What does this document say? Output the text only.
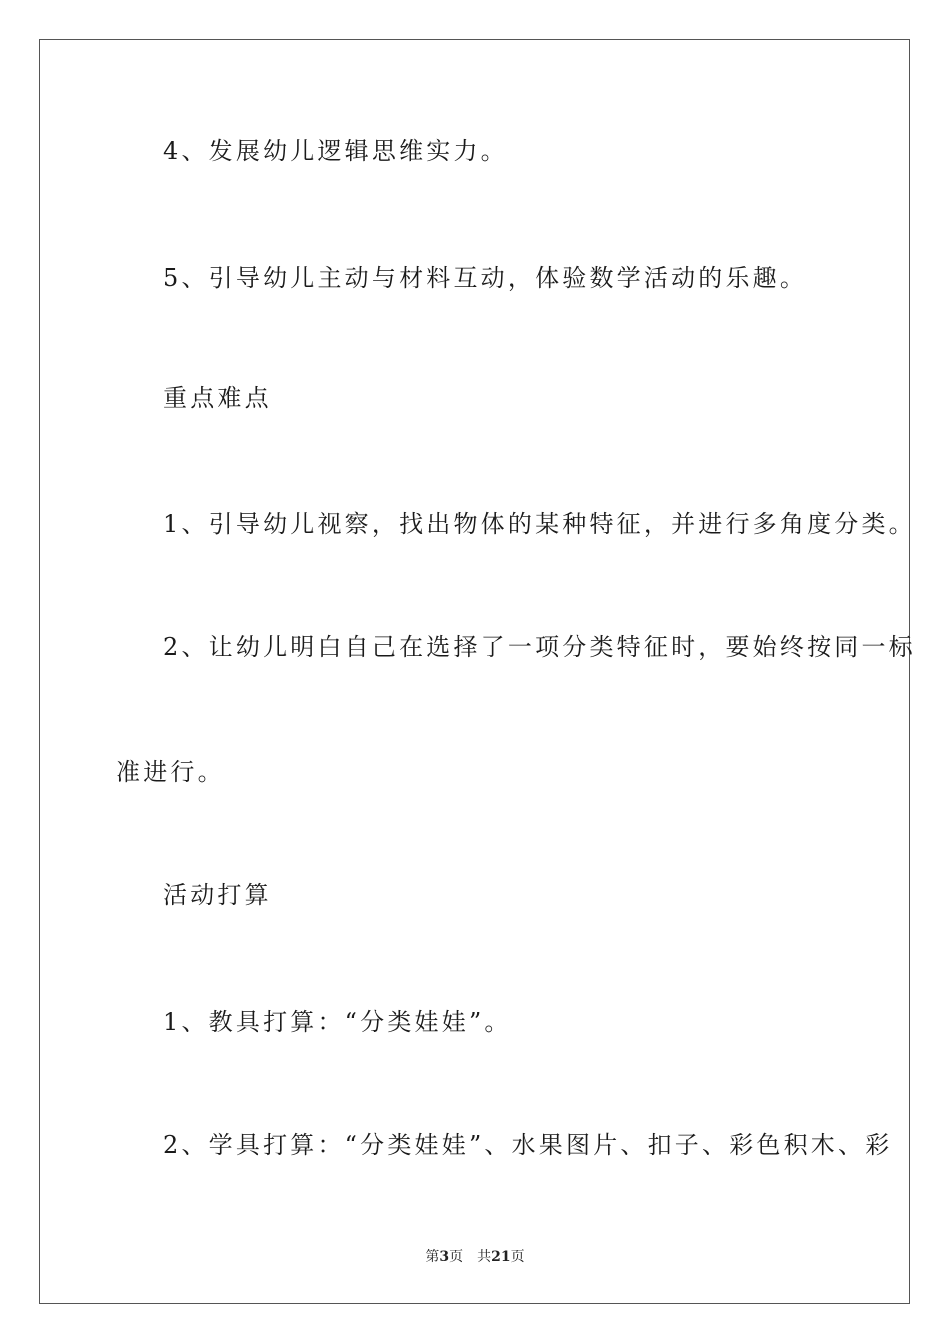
4、发展幼儿逻辑思维实力。
5、引导幼儿主动与材料互动，体验数学活动的乐趣。
重点难点
1、引导幼儿视察，找出物体的某种特征，并进行多角度分类。
2、让幼儿明白自己在选择了一项分类特征时，要始终按同一标
准进行。
活动打算
1、教具打算：“分类娃娃”。
2、学具打算：“分类娃娃”、水果图片、扣子、彩色积木、彩
第3页 共21页
